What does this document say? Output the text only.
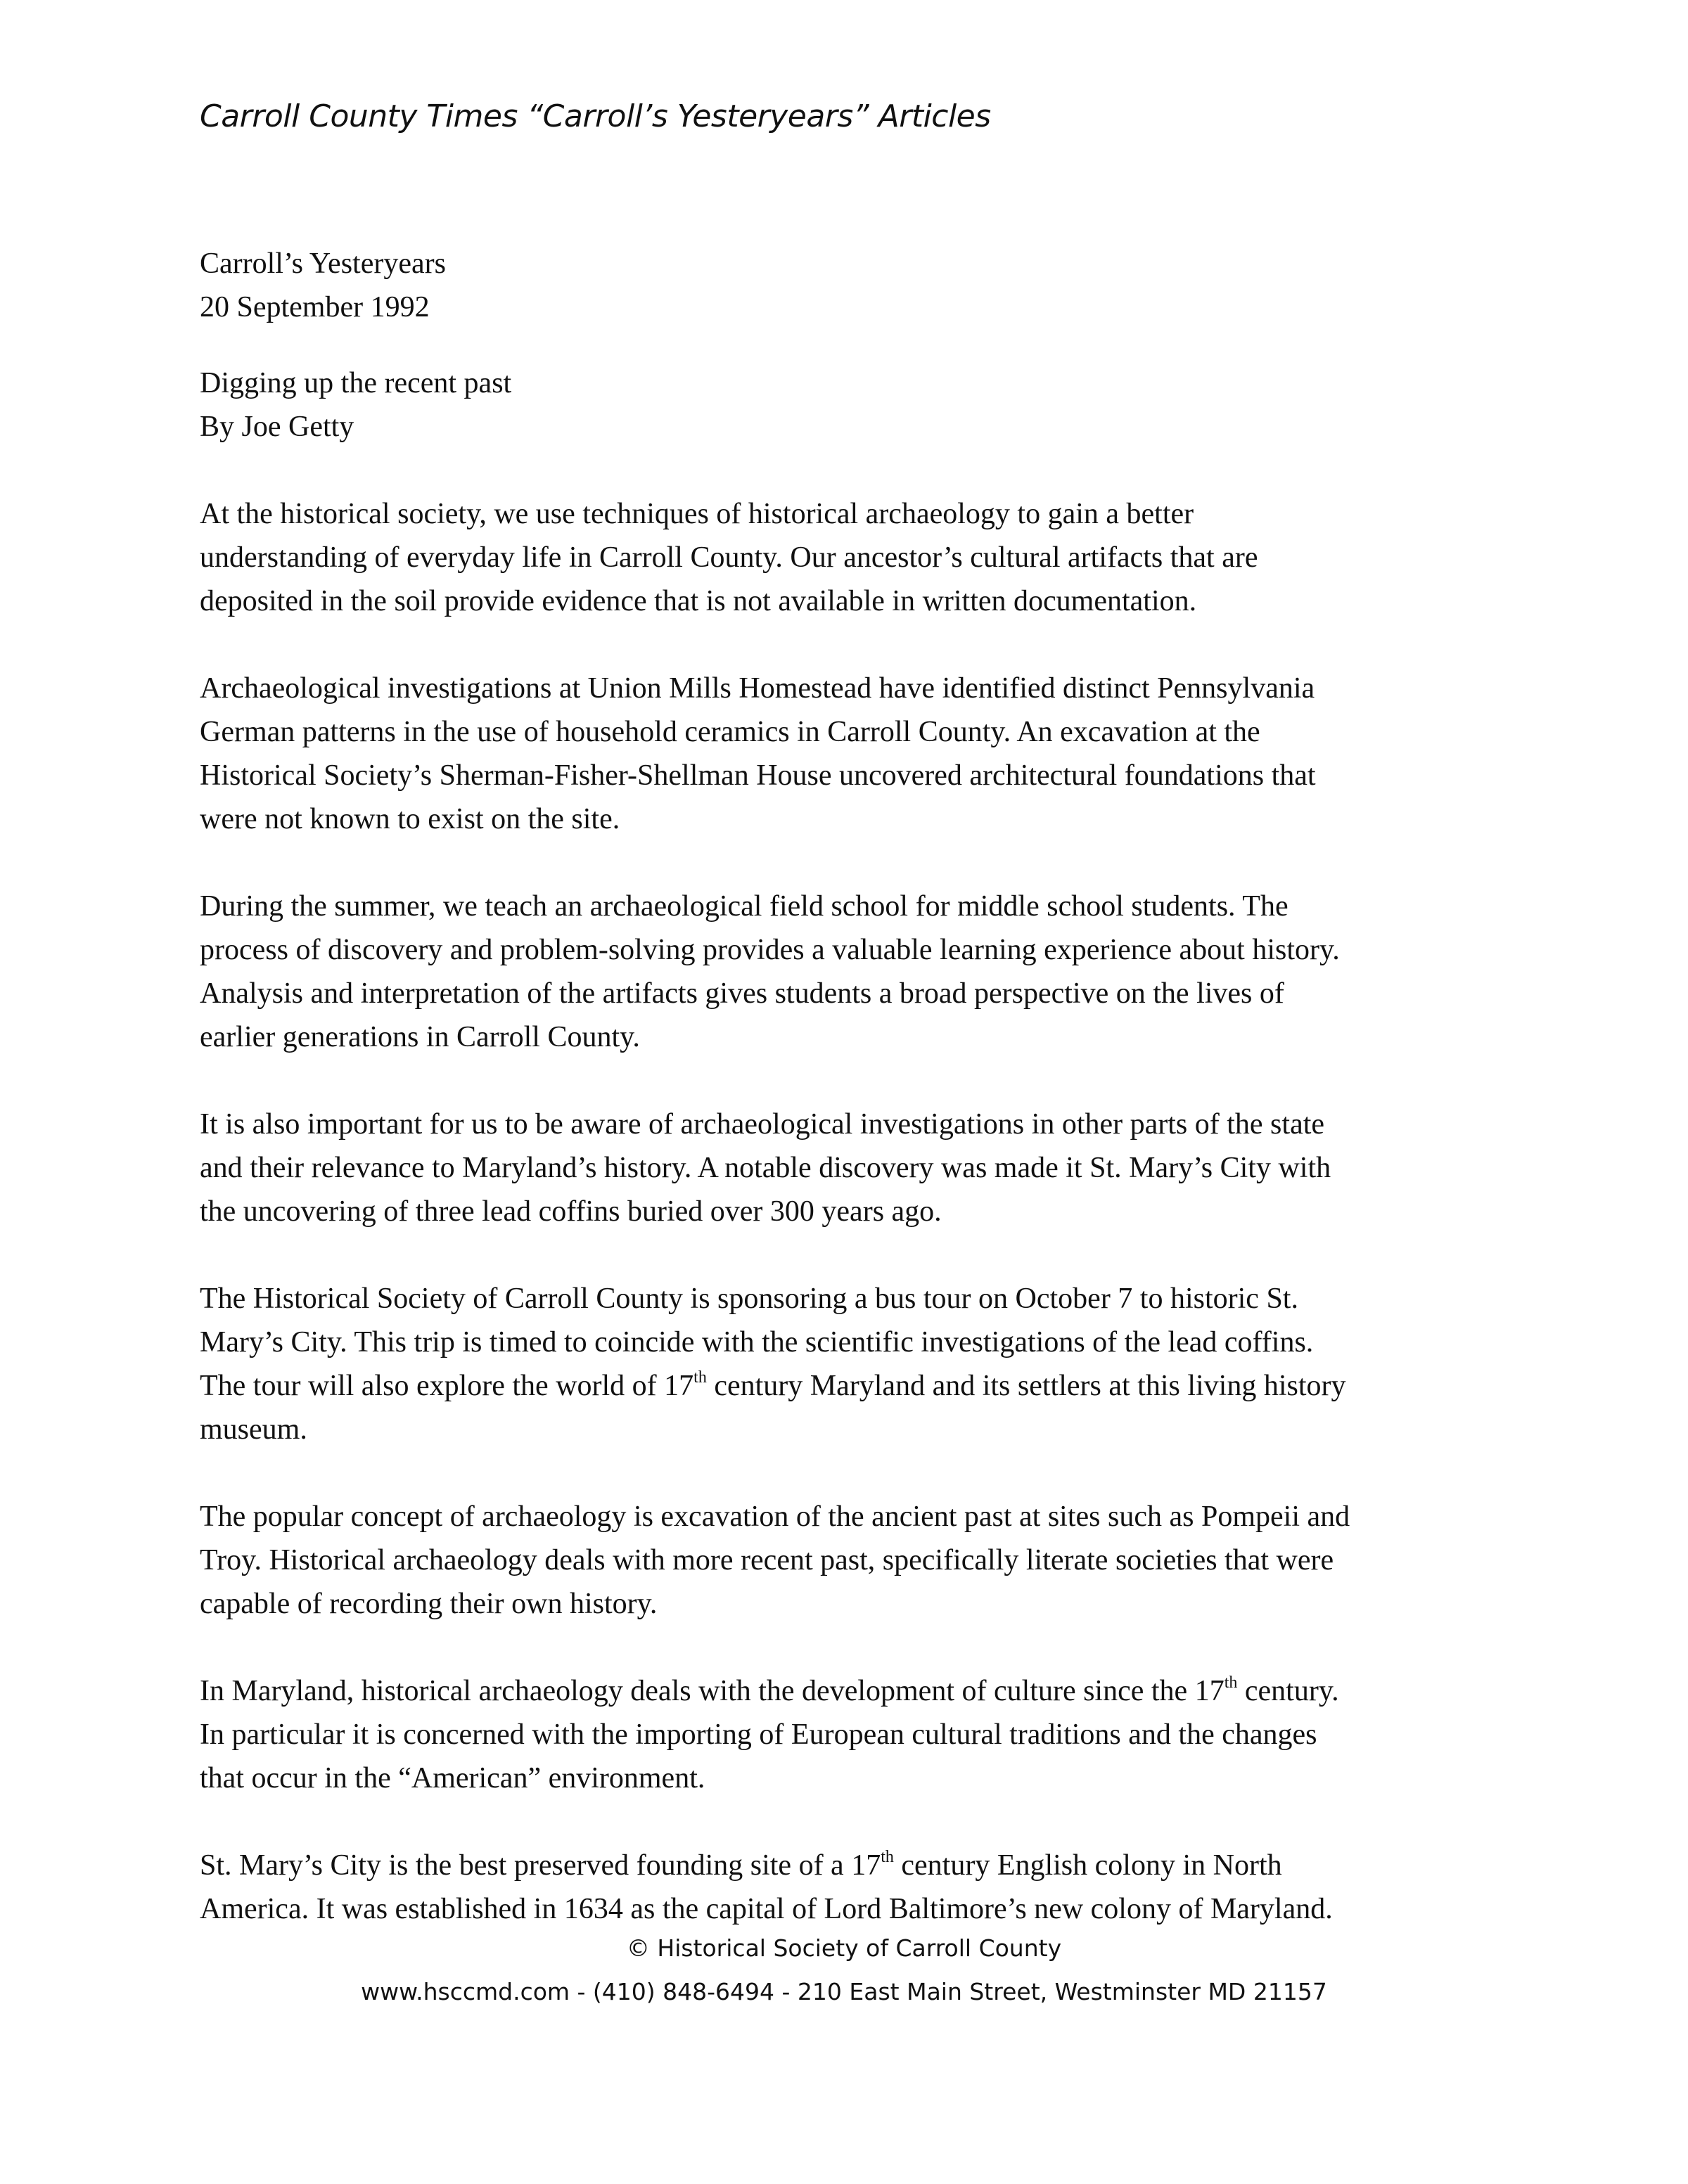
Carroll County Times “Carroll’s Yesteryears” Articles
Carroll’s Yesteryears
20 September 1992
Digging up the recent past
By Joe Getty

At the historical society, we use techniques of historical archaeology to gain a better
understanding of everyday life in Carroll County. Our ancestor’s cultural artifacts that are
deposited in the soil provide evidence that is not available in written documentation.

Archaeological investigations at Union Mills Homestead have identified distinct Pennsylvania
German patterns in the use of household ceramics in Carroll County. An excavation at the
Historical Society’s Sherman-Fisher-Shellman House uncovered architectural foundations that
were not known to exist on the site.

During the summer, we teach an archaeological field school for middle school students. The
process of discovery and problem-solving provides a valuable learning experience about history.
Analysis and interpretation of the artifacts gives students a broad perspective on the lives of
earlier generations in Carroll County.

It is also important for us to be aware of archaeological investigations in other parts of the state
and their relevance to Maryland’s history. A notable discovery was made it St. Mary’s City with
the uncovering of three lead coffins buried over 300 years ago.

The Historical Society of Carroll County is sponsoring a bus tour on October 7 to historic St.
Mary’s City. This trip is timed to coincide with the scientific investigations of the lead coffins.
The tour will also explore the world of 17th century Maryland and its settlers at this living history
museum.

The popular concept of archaeology is excavation of the ancient past at sites such as Pompeii and
Troy. Historical archaeology deals with more recent past, specifically literate societies that were
capable of recording their own history.

In Maryland, historical archaeology deals with the development of culture since the 17th century.
In particular it is concerned with the importing of European cultural traditions and the changes
that occur in the “American” environment.

St. Mary’s City is the best preserved founding site of a 17th century English colony in North
America. It was established in 1634 as the capital of Lord Baltimore’s new colony of Maryland.

© Historical Society of Carroll County
www.hsccmd.com - (410) 848-6494 - 210 East Main Street, Westminster MD 21157
